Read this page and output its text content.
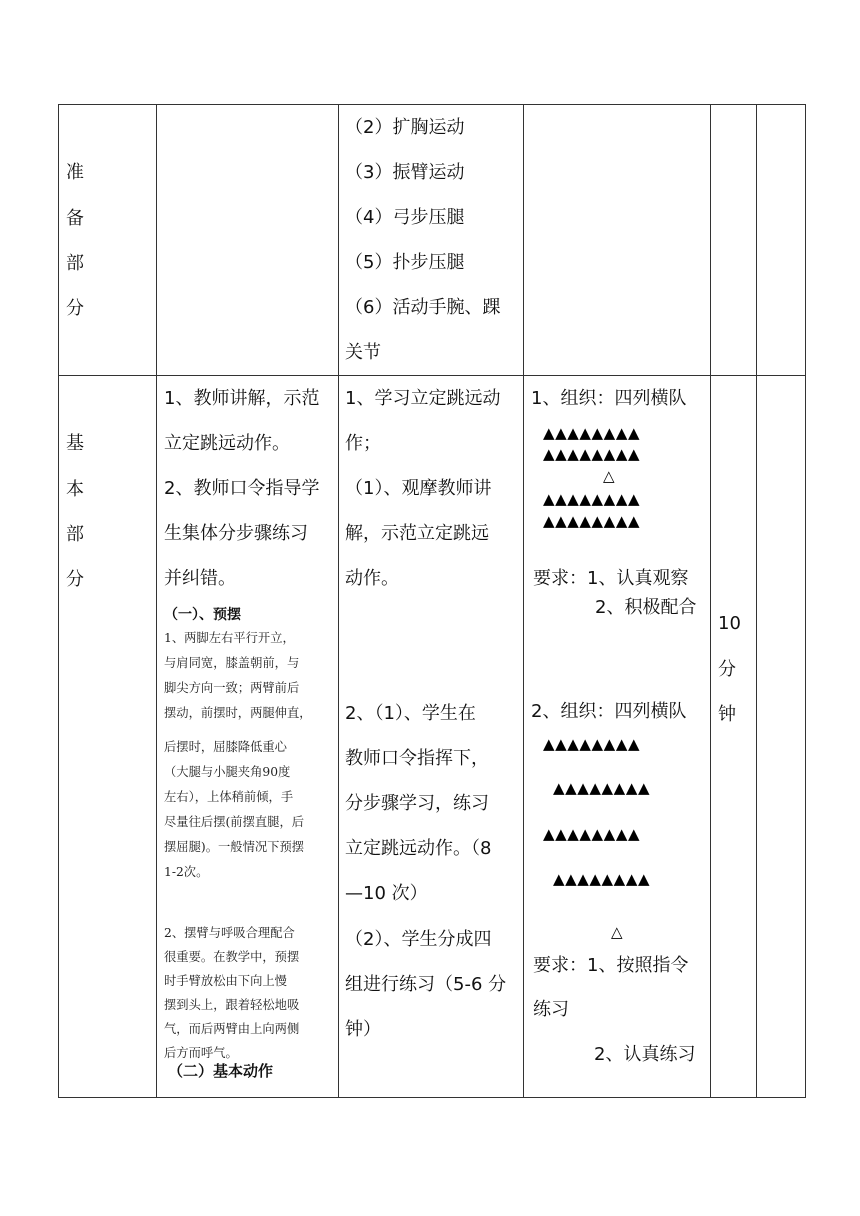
准
备
部
分
（2）扩胸运动
（3）振臂运动
（4）弓步压腿
（5）扑步压腿
（6）活动手腕、踝
关节
基
本
部
分
1、教师讲解，示范
立定跳远动作。
2、教师口令指导学
生集体分步骤练习
并纠错。
（一）、预摆
1、两脚左右平行开立，
与肩同宽，膝盖朝前，与
脚尖方向一致；两臂前后
摆动，前摆时，两腿伸直，
后摆时，屈膝降低重心
（大腿与小腿夹角90度
左右），上体稍前倾，手
尽量往后摆(前摆直腿，后
摆屈腿)。一般情况下预摆
1-2次。
2、摆臂与呼吸合理配合
很重要。在教学中，预摆
时手臂放松由下向上慢
摆到头上，跟着轻松地吸
气，而后两臂由上向两侧
后方而呼气。
（二）基本动作
1、学习立定跳远动
作；
（1）、观摩教师讲
解，示范立定跳远
动作。
2、（1）、学生在
教师口令指挥下，
分步骤学习，练习
立定跳远动作。（8
—10 次）
（2）、学生分成四
组进行练习（5-6 分
钟）
1、组织：四列横队
▲▲▲▲▲▲▲▲
▲▲▲▲▲▲▲▲
△
▲▲▲▲▲▲▲▲
▲▲▲▲▲▲▲▲
要求：1、认真观察
2、积极配合
2、组织：四列横队
▲▲▲▲▲▲▲▲
▲▲▲▲▲▲▲▲
▲▲▲▲▲▲▲▲
▲▲▲▲▲▲▲▲
△
要求：1、按照指令
练习
2、认真练习
10
分
钟
